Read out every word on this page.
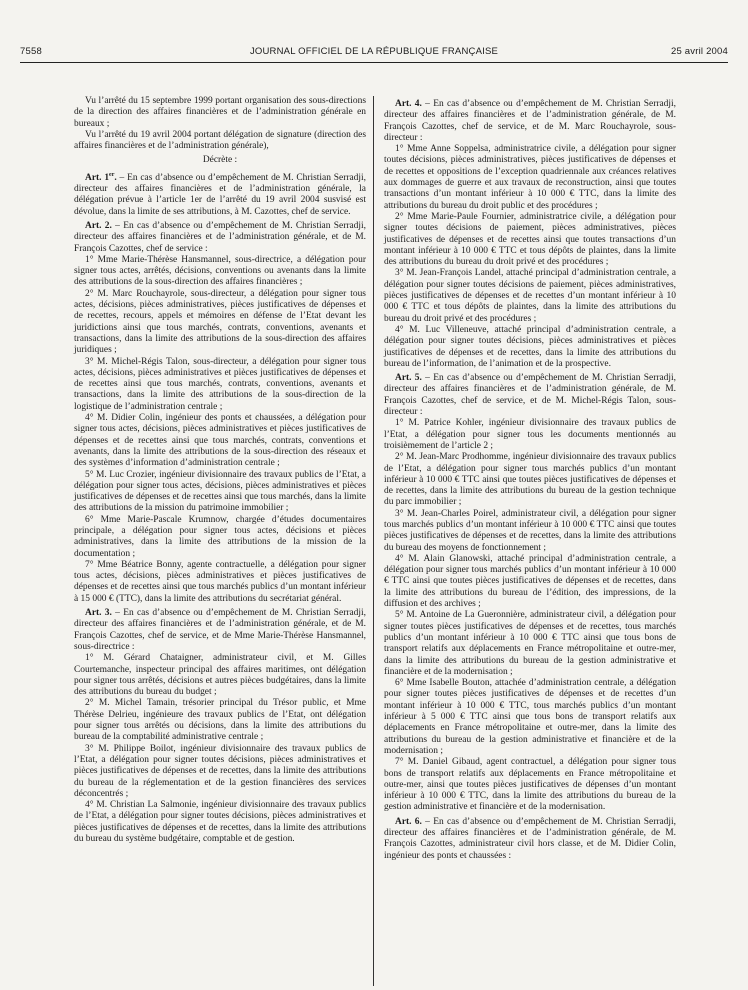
7558	JOURNAL OFFICIEL DE LA RÉPUBLIQUE FRANÇAISE	25 avril 2004

Vu l’arrêté du 15 septembre 1999 portant organisation des sous-directions de la direction des affaires financières et de l’administration générale en bureaux ;

Vu l’arrêté du 19 avril 2004 portant délégation de signature (direction des affaires financières et de l’administration générale),

Décrète :

Art. 1er. – En cas d’absence ou d’empêchement de M. Christian Serradji, directeur des affaires financières et de l’administration générale, la délégation prévue à l’article 1er de l’arrêté du 19 avril 2004 susvisé est dévolue, dans la limite de ses attributions, à M. Cazottes, chef de service.

Art. 2. – En cas d’absence ou d’empêchement de M. Christian Serradji, directeur des affaires financières et de l’administration générale, et de M. François Cazottes, chef de service :

1° Mme Marie-Thérèse Hansmannel, sous-directrice, a délégation pour signer tous actes, arrêtés, décisions, conventions ou avenants dans la limite des attributions de la sous-direction des affaires financières ;

2° M. Marc Rouchayrole, sous-directeur, a délégation pour signer tous actes, décisions, pièces administratives, pièces justificatives de dépenses et de recettes, recours, appels et mémoires en défense de l’Etat devant les juridictions ainsi que tous marchés, contrats, conventions, avenants et transactions, dans la limite des attributions de la sous-direction des affaires juridiques ;

3° M. Michel-Régis Talon, sous-directeur, a délégation pour signer tous actes, décisions, pièces administratives et pièces justificatives de dépenses et de recettes ainsi que tous marchés, contrats, conventions, avenants et transactions, dans la limite des attributions de la sous-direction de la logistique de l’administration centrale ;

4° M. Didier Colin, ingénieur des ponts et chaussées, a délégation pour signer tous actes, décisions, pièces administratives et pièces justificatives de dépenses et de recettes ainsi que tous marchés, contrats, conventions et avenants, dans la limite des attributions de la sous-direction des réseaux et des systèmes d’information d’administration centrale ;

5° M. Luc Crozier, ingénieur divisionnaire des travaux publics de l’Etat, a délégation pour signer tous actes, décisions, pièces administratives et pièces justificatives de dépenses et de recettes ainsi que tous marchés, dans la limite des attributions de la mission du patrimoine immobilier ;

6° Mme Marie-Pascale Krumnow, chargée d’études documentaires principale, a délégation pour signer tous actes, décisions et pièces administratives, dans la limite des attributions de la mission de la documentation ;

7° Mme Béatrice Bonny, agente contractuelle, a délégation pour signer tous actes, décisions, pièces administratives et pièces justificatives de dépenses et de recettes ainsi que tous marchés publics d’un montant inférieur à 15 000 € (TTC), dans la limite des attributions du secrétariat général.

Art. 3. – En cas d’absence ou d’empêchement de M. Christian Serradji, directeur des affaires financières et de l’administration générale, et de M. François Cazottes, chef de service, et de Mme Marie-Thérèse Hansmannel, sous-directrice :

1° M. Gérard Chataigner, administrateur civil, et M. Gilles Courtemanche, inspecteur principal des affaires maritimes, ont délégation pour signer tous arrêtés, décisions et autres pièces budgétaires, dans la limite des attributions du bureau du budget ;

2° M. Michel Tamain, trésorier principal du Trésor public, et Mme Thérèse Delrieu, ingénieure des travaux publics de l’Etat, ont délégation pour signer tous arrêtés ou décisions, dans la limite des attributions du bureau de la comptabilité administrative centrale ;

3° M. Philippe Boilot, ingénieur divisionnaire des travaux publics de l’Etat, a délégation pour signer toutes décisions, pièces administratives et pièces justificatives de dépenses et de recettes, dans la limite des attributions du bureau de la réglementation et de la gestion financières des services déconcentrés ;

4° M. Christian La Salmonie, ingénieur divisionnaire des travaux publics de l’Etat, a délégation pour signer toutes décisions, pièces administratives et pièces justificatives de dépenses et de recettes, dans la limite des attributions du bureau du système budgétaire, comptable et de gestion.

Art. 4. – En cas d’absence ou d’empêchement de M. Christian Serradji, directeur des affaires financières et de l’administration générale, de M. François Cazottes, chef de service, et de M. Marc Rouchayrole, sous-directeur :

1° Mme Anne Soppelsa, administratrice civile, a délégation pour signer toutes décisions, pièces administratives, pièces justificatives de dépenses et de recettes et oppositions de l’exception quadriennale aux créances relatives aux dommages de guerre et aux travaux de reconstruction, ainsi que toutes transactions d’un montant inférieur à 10 000 € TTC, dans la limite des attributions du bureau du droit public et des procédures ;

2° Mme Marie-Paule Fournier, administratrice civile, a délégation pour signer toutes décisions de paiement, pièces administratives, pièces justificatives de dépenses et de recettes ainsi que toutes transactions d’un montant inférieur à 10 000 € TTC et tous dépôts de plaintes, dans la limite des attributions du bureau du droit privé et des procédures ;

3° M. Jean-François Landel, attaché principal d’administration centrale, a délégation pour signer toutes décisions de paiement, pièces administratives, pièces justificatives de dépenses et de recettes d’un montant inférieur à 10 000 € TTC et tous dépôts de plaintes, dans la limite des attributions du bureau du droit privé et des procédures ;

4° M. Luc Villeneuve, attaché principal d’administration centrale, a délégation pour signer toutes décisions, pièces administratives et pièces justificatives de dépenses et de recettes, dans la limite des attributions du bureau de l’information, de l’animation et de la prospective.

Art. 5. – En cas d’absence ou d’empêchement de M. Christian Serradji, directeur des affaires financières et de l’administration générale, de M. François Cazottes, chef de service, et de M. Michel-Régis Talon, sous-directeur :

1° M. Patrice Kohler, ingénieur divisionnaire des travaux publics de l’Etat, a délégation pour signer tous les documents mentionnés au troisièmement de l’article 2 ;

2° M. Jean-Marc Prodhomme, ingénieur divisionnaire des travaux publics de l’Etat, a délégation pour signer tous marchés publics d’un montant inférieur à 10 000 € TTC ainsi que toutes pièces justificatives de dépenses et de recettes, dans la limite des attributions du bureau de la gestion technique du parc immobilier ;

3° M. Jean-Charles Poirel, administrateur civil, a délégation pour signer tous marchés publics d’un montant inférieur à 10 000 € TTC ainsi que toutes pièces justificatives de dépenses et de recettes, dans la limite des attributions du bureau des moyens de fonctionnement ;

4° M. Alain Glanowski, attaché principal d’administration centrale, a délégation pour signer tous marchés publics d’un montant inférieur à 10 000 € TTC ainsi que toutes pièces justificatives de dépenses et de recettes, dans la limite des attributions du bureau de l’édition, des impressions, de la diffusion et des archives ;

5° M. Antoine de La Gueronnière, administrateur civil, a délégation pour signer toutes pièces justificatives de dépenses et de recettes, tous marchés publics d’un montant inférieur à 10 000 € TTC ainsi que tous bons de transport relatifs aux déplacements en France métropolitaine et outre-mer, dans la limite des attributions du bureau de la gestion administrative et financière et de la modernisation ;

6° Mme Isabelle Bouton, attachée d’administration centrale, a délégation pour signer toutes pièces justificatives de dépenses et de recettes d’un montant inférieur à 10 000 € TTC, tous marchés publics d’un montant inférieur à 5 000 € TTC ainsi que tous bons de transport relatifs aux déplacements en France métropolitaine et outre-mer, dans la limite des attributions du bureau de la gestion administrative et financière et de la modernisation ;

7° M. Daniel Gibaud, agent contractuel, a délégation pour signer tous bons de transport relatifs aux déplacements en France métropolitaine et outre-mer, ainsi que toutes pièces justificatives de dépenses d’un montant inférieur à 10 000 € TTC, dans la limite des attributions du bureau de la gestion administrative et financière et de la modernisation.

Art. 6. – En cas d’absence ou d’empêchement de M. Christian Serradji, directeur des affaires financières et de l’administration générale, de M. François Cazottes, administrateur civil hors classe, et de M. Didier Colin, ingénieur des ponts et chaussées :
